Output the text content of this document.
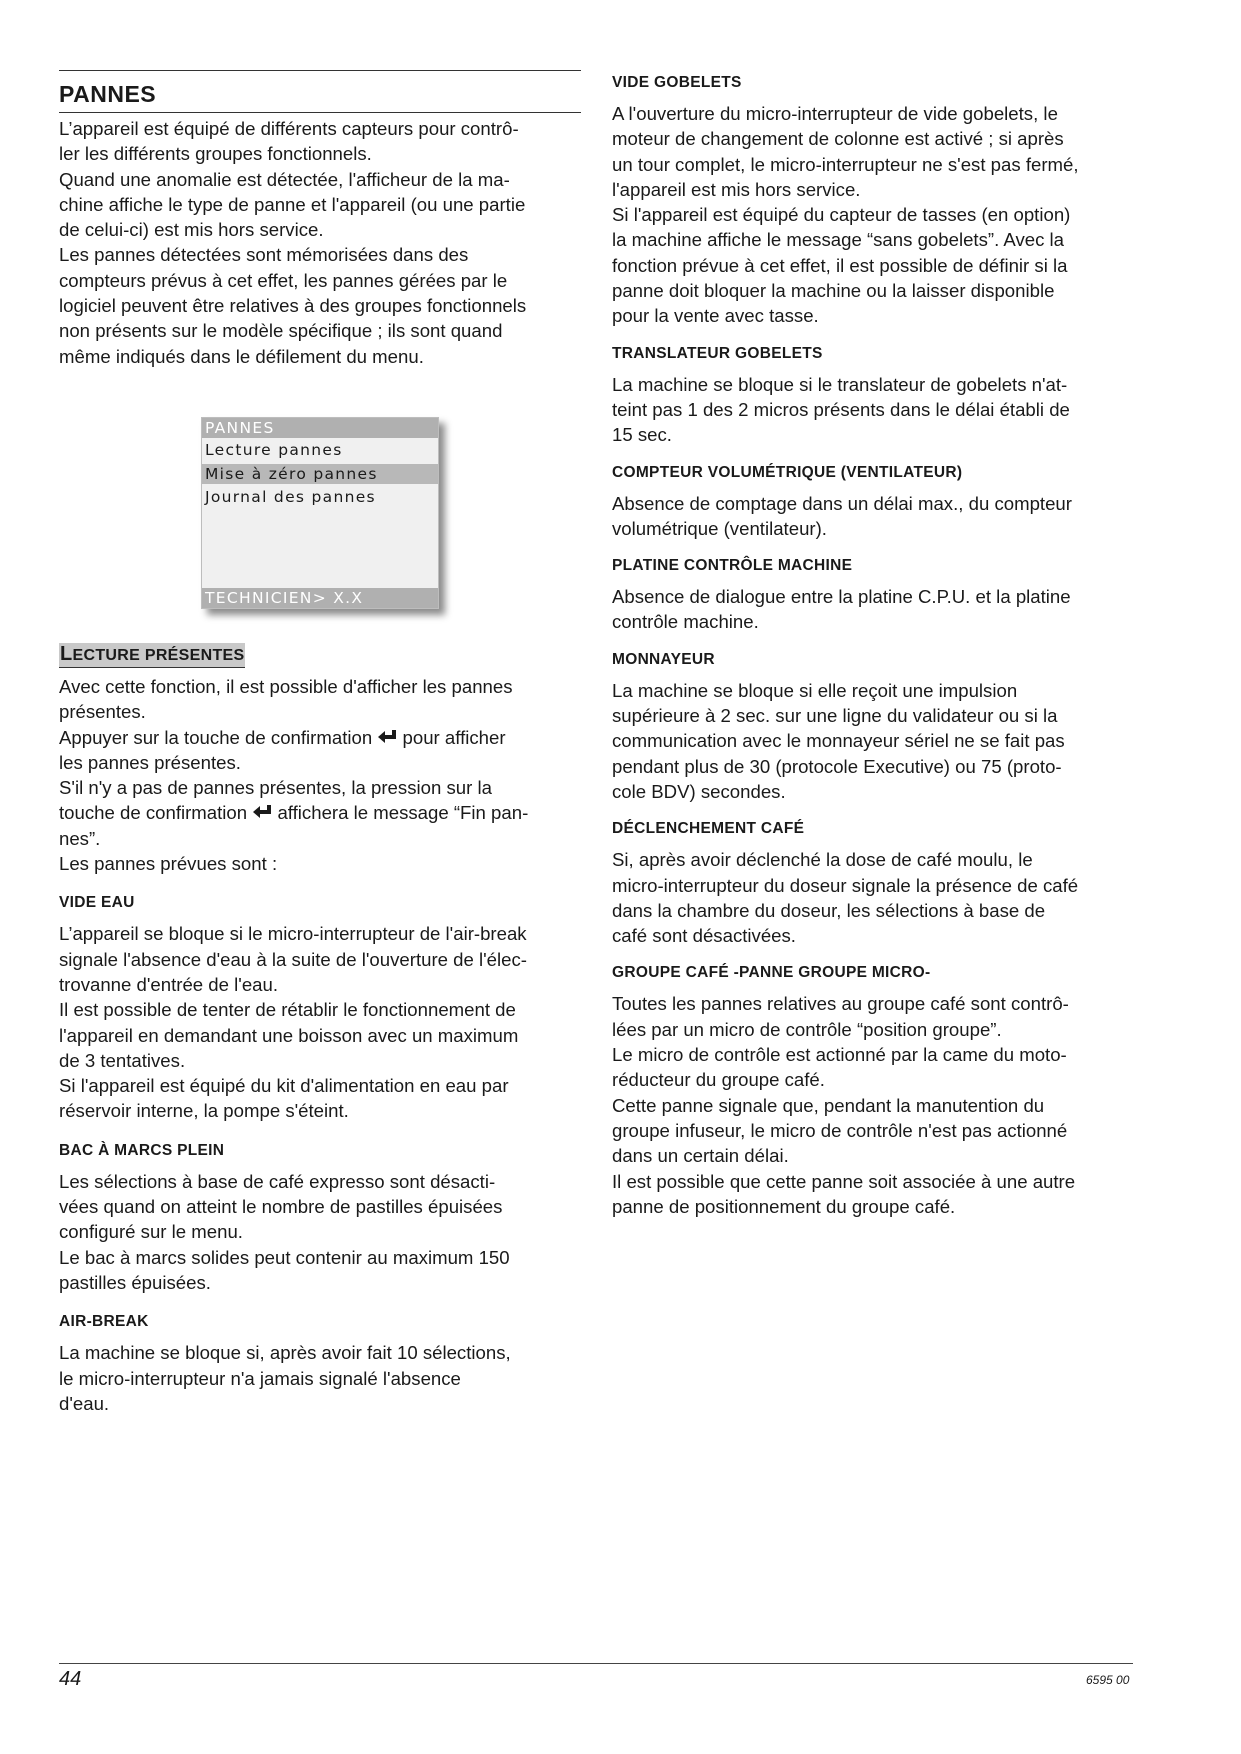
PANNES

L’appareil est équipé de différents capteurs pour contrô-
ler les différents groupes fonctionnels.
Quand une anomalie est détectée, l'afficheur de la ma-
chine affiche le type de panne et l'appareil (ou une partie
de celui-ci) est mis hors service.
Les pannes détectées sont mémorisées dans des
compteurs prévus à cet effet, les pannes gérées par le
logiciel peuvent être relatives à des groupes fonctionnels
non présents sur le modèle spécifique ; ils sont quand
même indiqués dans le défilement du menu.

PANNES
Lecture pannes
Mise à zéro pannes
Journal des pannes
TECHNICIEN> X.X
LECTURE PRÉSENTES

Avec cette fonction, il est possible d'afficher les pannes
présentes.
Appuyer sur la touche de confirmation pour afficher
les pannes présentes.
S'il n'y a pas de pannes présentes, la pression sur la
touche de confirmation affichera le message “Fin pan-
nes”.
Les pannes prévues sont :

VIDE EAU

L’appareil se bloque si le micro-interrupteur de l'air-break
signale l'absence d'eau à la suite de l'ouverture de l'élec-
trovanne d'entrée de l'eau.
Il est possible de tenter de rétablir le fonctionnement de
l'appareil en demandant une boisson avec un maximum
de 3 tentatives.
Si l'appareil est équipé du kit d'alimentation en eau par
réservoir interne, la pompe s'éteint.

BAC À MARCS PLEIN

Les sélections à base de café expresso sont désacti-
vées quand on atteint le nombre de pastilles épuisées
configuré sur le menu.
Le bac à marcs solides peut contenir au maximum 150
pastilles épuisées.

AIR-BREAK

La machine se bloque si, après avoir fait 10 sélections,
le micro-interrupteur n'a jamais signalé l'absence
d'eau.

VIDE GOBELETS

A l'ouverture du micro-interrupteur de vide gobelets, le
moteur de changement de colonne est activé ; si après
un tour complet, le micro-interrupteur ne s'est pas fermé,
l'appareil est mis hors service.
Si l'appareil est équipé du capteur de tasses (en option)
la machine affiche le message “sans gobelets”. Avec la
fonction prévue à cet effet, il est possible de définir si la
panne doit bloquer la machine ou la laisser disponible
pour la vente avec tasse.

TRANSLATEUR GOBELETS

La machine se bloque si le translateur de gobelets n'at-
teint pas 1 des 2 micros présents dans le délai établi de
15 sec.

COMPTEUR VOLUMÉTRIQUE (VENTILATEUR)

Absence de comptage dans un délai max., du compteur
volumétrique (ventilateur).

PLATINE CONTRÔLE MACHINE

Absence de dialogue entre la platine C.P.U. et la platine
contrôle machine.

MONNAYEUR

La machine se bloque si elle reçoit une impulsion
supérieure à 2 sec. sur une ligne du validateur ou si la
communication avec le monnayeur sériel ne se fait pas
pendant plus de 30 (protocole Executive) ou 75 (proto-
cole BDV) secondes.

DÉCLENCHEMENT CAFÉ

Si, après avoir déclenché la dose de café moulu, le
micro-interrupteur du doseur signale la présence de café
dans la chambre du doseur, les sélections à base de
café sont désactivées.

GROUPE CAFÉ -PANNE GROUPE MICRO-

Toutes les pannes relatives au groupe café sont contrô-
lées par un micro de contrôle “position groupe”.
Le micro de contrôle est actionné par la came du moto-
réducteur du groupe café.
Cette panne signale que, pendant la manutention du
groupe infuseur, le micro de contrôle n'est pas actionné
dans un certain délai.
Il est possible que cette panne soit associée à une autre
panne de positionnement du groupe café.

44	6595 00
